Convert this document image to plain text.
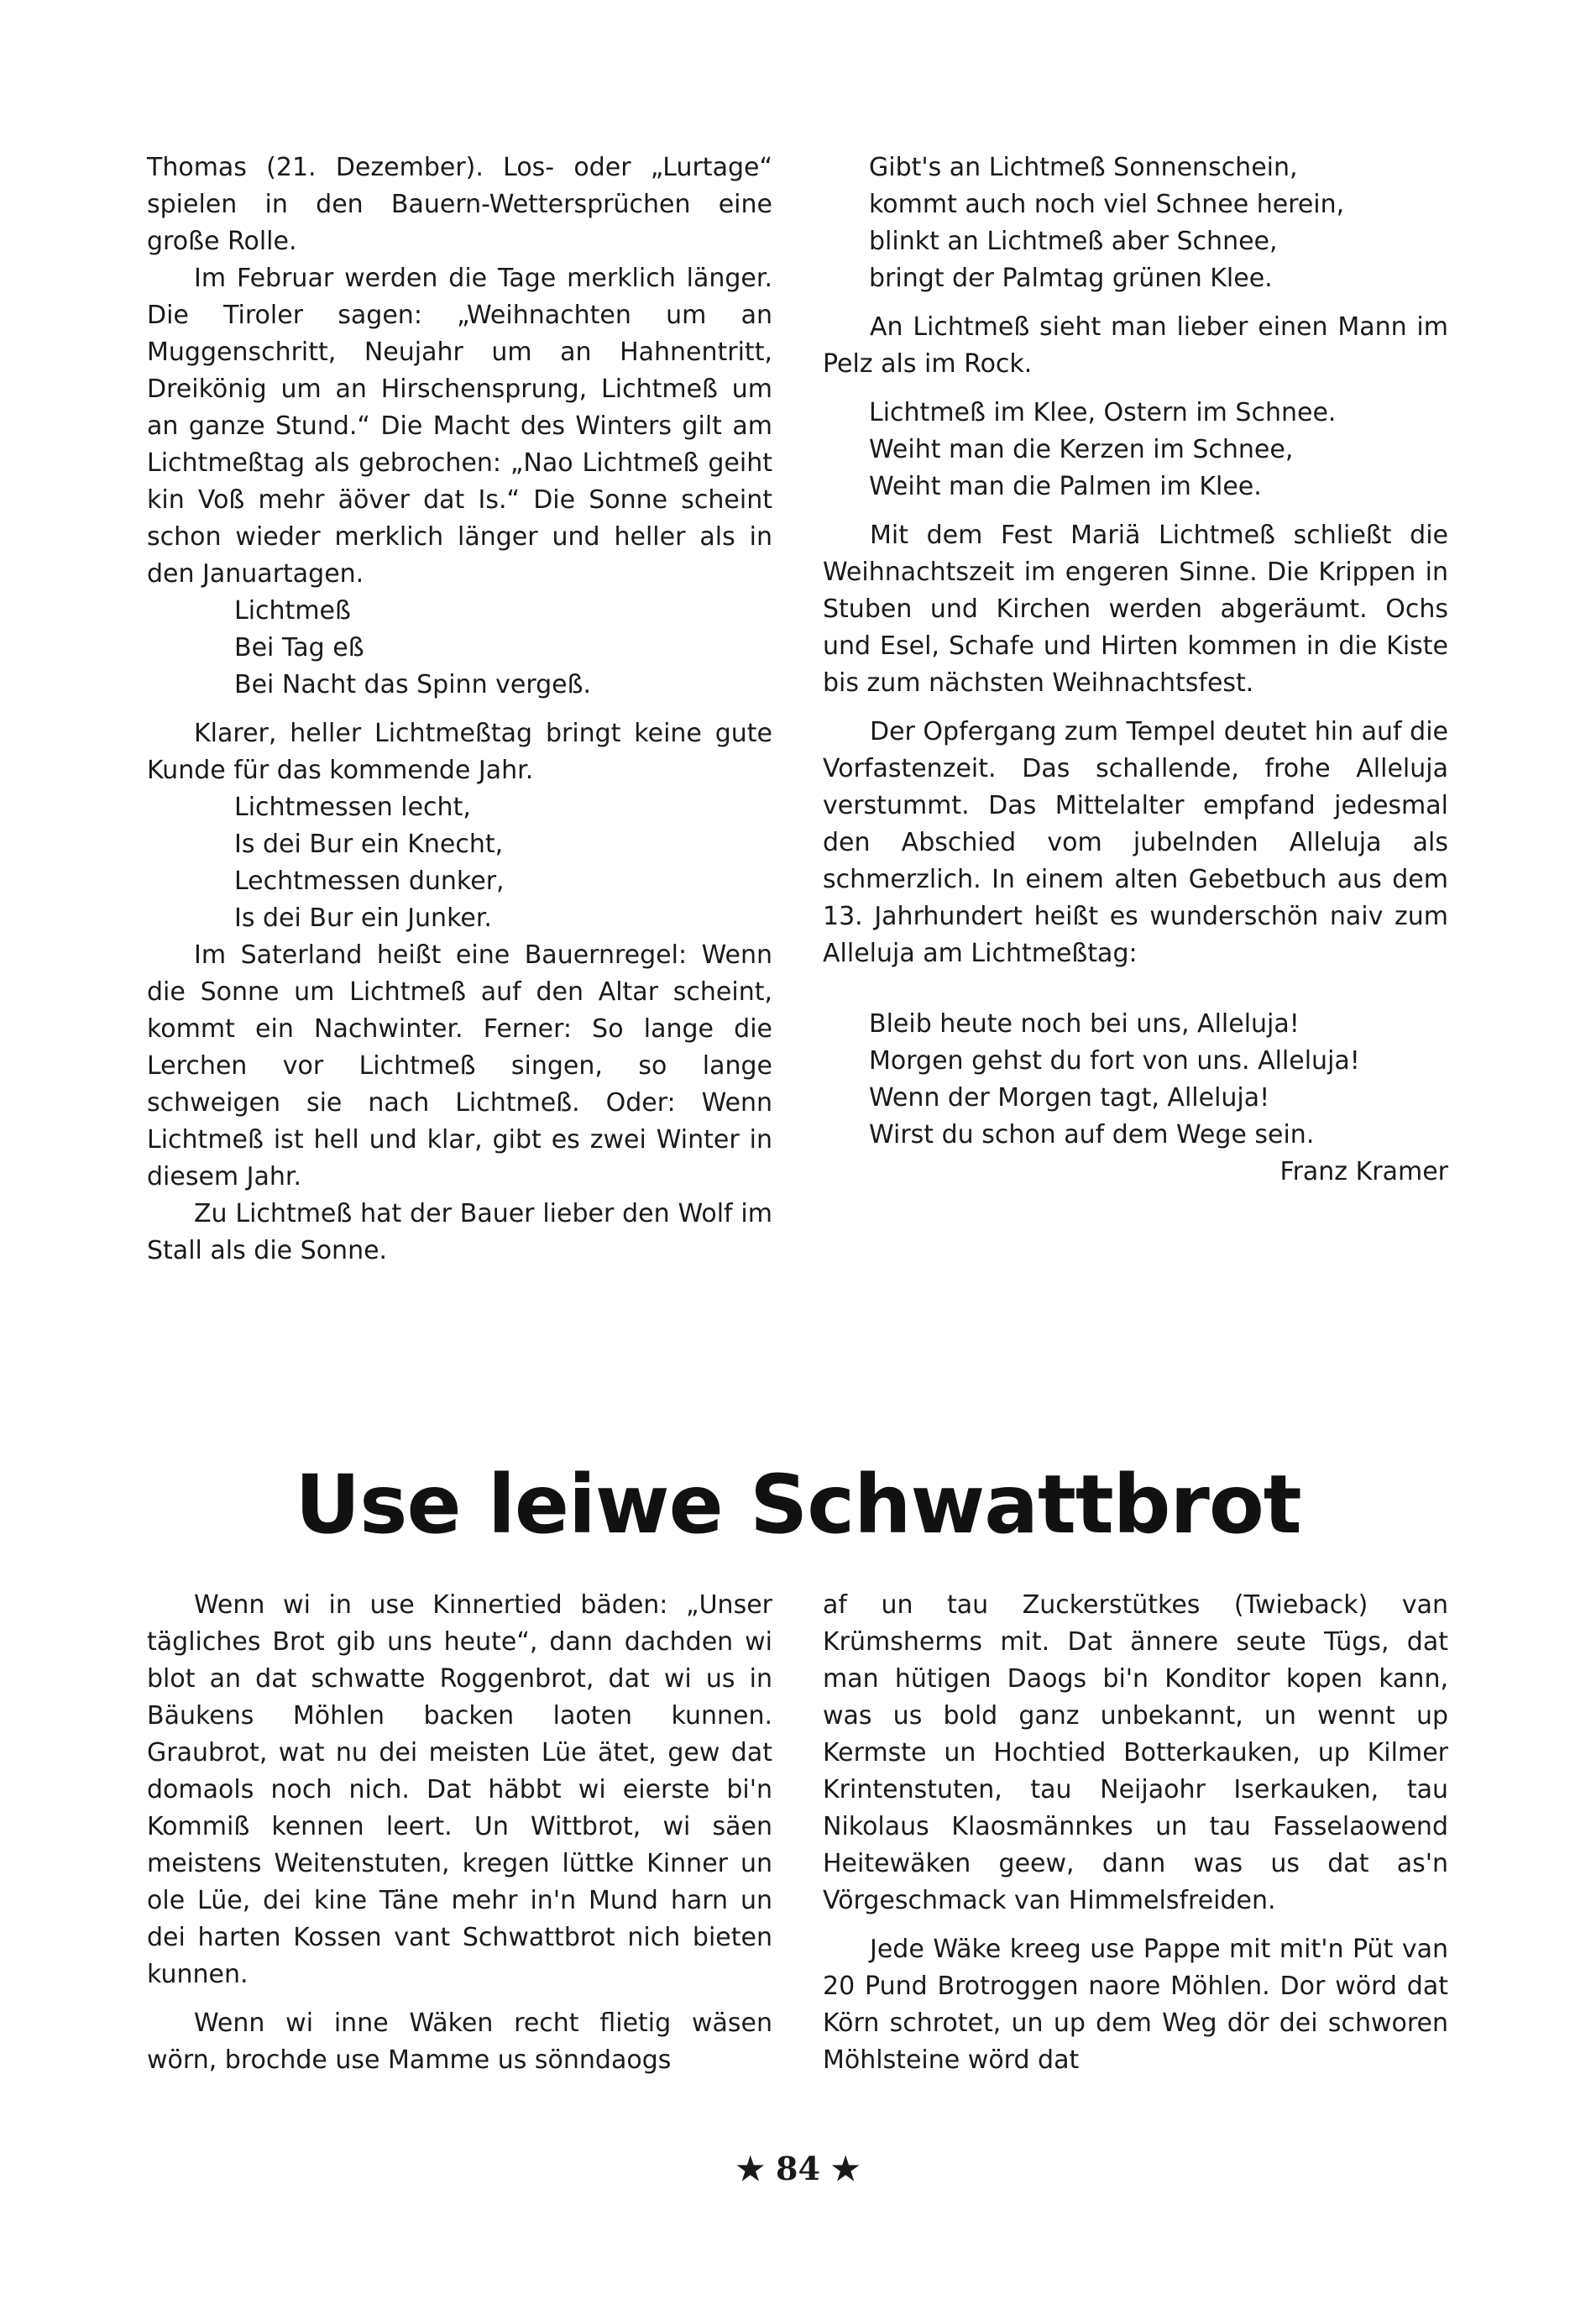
Thomas (21. Dezember). Los- oder „Lurtage“ spielen in den Bauern-Wettersprüchen eine große Rolle.

Im Februar werden die Tage merklich länger. Die Tiroler sagen: „Weihnachten um an Muggenschritt, Neujahr um an Hahnentritt, Dreikönig um an Hirschensprung, Lichtmeß um an ganze Stund.“ Die Macht des Winters gilt am Lichtmeßtag als gebrochen: „Nao Lichtmeß geiht kin Voß mehr äöver dat Is.“ Die Sonne scheint schon wieder merklich länger und heller als in den Januartagen.

Lichtmeß
Bei Tag eß
Bei Nacht das Spinn vergeß.

Klarer, heller Lichtmeßtag bringt keine gute Kunde für das kommende Jahr.

Lichtmessen lecht,
Is dei Bur ein Knecht,
Lechtmessen dunker,
Is dei Bur ein Junker.

Im Saterland heißt eine Bauernregel: Wenn die Sonne um Lichtmeß auf den Altar scheint, kommt ein Nachwinter. Ferner: So lange die Lerchen vor Lichtmeß singen, so lange schweigen sie nach Lichtmeß. Oder: Wenn Lichtmeß ist hell und klar, gibt es zwei Winter in diesem Jahr.

Zu Lichtmeß hat der Bauer lieber den Wolf im Stall als die Sonne.

Gibt's an Lichtmeß Sonnenschein,
kommt auch noch viel Schnee herein,
blinkt an Lichtmeß aber Schnee,
bringt der Palmtag grünen Klee.

An Lichtmeß sieht man lieber einen Mann im Pelz als im Rock.

Lichtmeß im Klee, Ostern im Schnee.
Weiht man die Kerzen im Schnee,
Weiht man die Palmen im Klee.

Mit dem Fest Mariä Lichtmeß schließt die Weihnachtszeit im engeren Sinne. Die Krippen in Stuben und Kirchen werden abgeräumt. Ochs und Esel, Schafe und Hirten kommen in die Kiste bis zum nächsten Weihnachtsfest.

Der Opfergang zum Tempel deutet hin auf die Vorfastenzeit. Das schallende, frohe Alleluja verstummt. Das Mittelalter empfand jedesmal den Abschied vom jubelnden Alleluja als schmerzlich. In einem alten Gebetbuch aus dem 13. Jahrhundert heißt es wunderschön naiv zum Alleluja am Lichtmeßtag:

Bleib heute noch bei uns, Alleluja!
Morgen gehst du fort von uns. Alleluja!
Wenn der Morgen tagt, Alleluja!
Wirst du schon auf dem Wege sein.

Franz Kramer

Use leiwe Schwattbrot

Wenn wi in use Kinnertied bäden: „Unser tägliches Brot gib uns heute“, dann dachden wi blot an dat schwatte Roggenbrot, dat wi us in Bäukens Möhlen backen laoten kunnen. Graubrot, wat nu dei meisten Lüe ätet, gew dat domaols noch nich. Dat häbbt wi eierste bi'n Kommiß kennen leert. Un Wittbrot, wi säen meistens Weitenstuten, kregen lüttke Kinner un ole Lüe, dei kine Täne mehr in'n Mund harn un dei harten Kossen vant Schwattbrot nich bieten kunnen.

Wenn wi inne Wäken recht flietig wäsen wörn, brochde use Mamme us sönndaogs

af un tau Zuckerstütkes (Twieback) van Krümsherms mit. Dat ännere seute Tügs, dat man hütigen Daogs bi'n Konditor kopen kann, was us bold ganz unbekannt, un wennt up Kermste un Hochtied Botterkauken, up Kilmer Krintenstuten, tau Neijaohr Iserkauken, tau Nikolaus Klaosmännkes un tau Fasselaowend Heitewäken geew, dann was us dat as'n Vörgeschmack van Himmelsfreiden.

Jede Wäke kreeg use Pappe mit mit'n Püt van 20 Pund Brotroggen naore Möhlen. Dor wörd dat Körn schrotet, un up dem Weg dör dei schworen Möhlsteine wörd dat

★ 84 ★
